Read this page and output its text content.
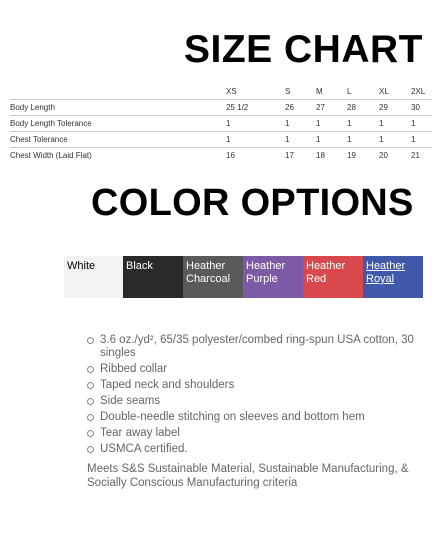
SIZE CHART
	XS	S	M	L	XL	2XL
Body Length	25 1/2	26	27	28	29	30
Body Length Tolerance	1	1	1	1	1	1
Chest Tolerance	1	1	1	1	1	1
Chest Width (Laid Flat)	16	17	18	19	20	21
COLOR OPTIONS
White	Black	Heather Charcoal
Heather Purple
Heather Red
Heather Royal
3.6 oz./yd², 65/35 polyester/combed ring-spun USA cotton, 30 singles
Ribbed collar
Taped neck and shoulders
Side seams
Double-needle stitching on sleeves and bottom hem
Tear away label
USMCA certified.
Meets S&S Sustainable Material, Sustainable Manufacturing, & Socially Conscious Manufacturing criteria
